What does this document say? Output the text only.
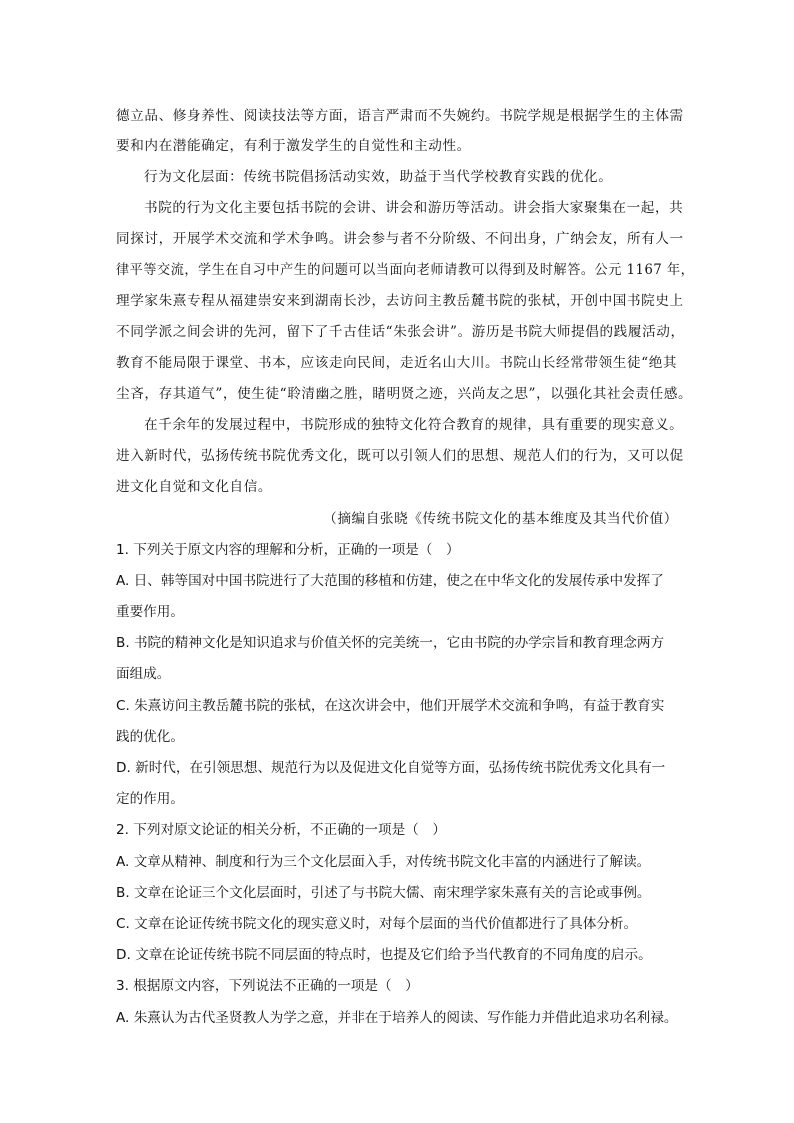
德立品、修身养性、阅读技法等方面，语言严肃而不失婉约。书院学规是根据学生的主体需
要和内在潜能确定，有利于激发学生的自觉性和主动性。
行为文化层面：传统书院倡扬活动实效，助益于当代学校教育实践的优化。
书院的行为文化主要包括书院的会讲、讲会和游历等活动。讲会指大家聚集在一起，共
同探讨，开展学术交流和学术争鸣。讲会参与者不分阶级、不问出身，广纳会友，所有人一
律平等交流，学生在自习中产生的问题可以当面向老师请教可以得到及时解答。公元 1167 年，
理学家朱熹专程从福建崇安来到湖南长沙，去访问主教岳麓书院的张栻，开创中国书院史上
不同学派之间会讲的先河，留下了千古佳话“朱张会讲”。游历是书院大师提倡的践履活动，
教育不能局限于课堂、书本，应该走向民间，走近名山大川。书院山长经常带领生徒“绝其
尘吝，存其道气”，使生徒“聆清幽之胜，睹明贤之迹，兴尚友之思”，以强化其社会责任感。
在千余年的发展过程中，书院形成的独特文化符合教育的规律，具有重要的现实意义。
进入新时代，弘扬传统书院优秀文化，既可以引领人们的思想、规范人们的行为，又可以促
进文化自觉和文化自信。
（摘编自张晓《传统书院文化的基本维度及其当代价值）
1. 下列关于原文内容的理解和分析，正确的一项是（　）
A. 日、韩等国对中国书院进行了大范围的移植和仿建，使之在中华文化的发展传承中发挥了
重要作用。
B. 书院的精神文化是知识追求与价值关怀的完美统一，它由书院的办学宗旨和教育理念两方
面组成。
C. 朱熹访问主教岳麓书院的张栻，在这次讲会中，他们开展学术交流和争鸣，有益于教育实
践的优化。
D. 新时代，在引领思想、规范行为以及促进文化自觉等方面，弘扬传统书院优秀文化具有一
定的作用。
2. 下列对原文论证的相关分析，不正确的一项是（　）
A. 文章从精神、制度和行为三个文化层面入手，对传统书院文化丰富的内涵进行了解读。
B. 文章在论证三个文化层面时，引述了与书院大儒、南宋理学家朱熹有关的言论或事例。
C. 文章在论证传统书院文化的现实意义时，对每个层面的当代价值都进行了具体分析。
D. 文章在论证传统书院不同层面的特点时，也提及它们给予当代教育的不同角度的启示。
3. 根据原文内容，下列说法不正确的一项是（　）
A. 朱熹认为古代圣贤教人为学之意，并非在于培养人的阅读、写作能力并借此追求功名利禄。
